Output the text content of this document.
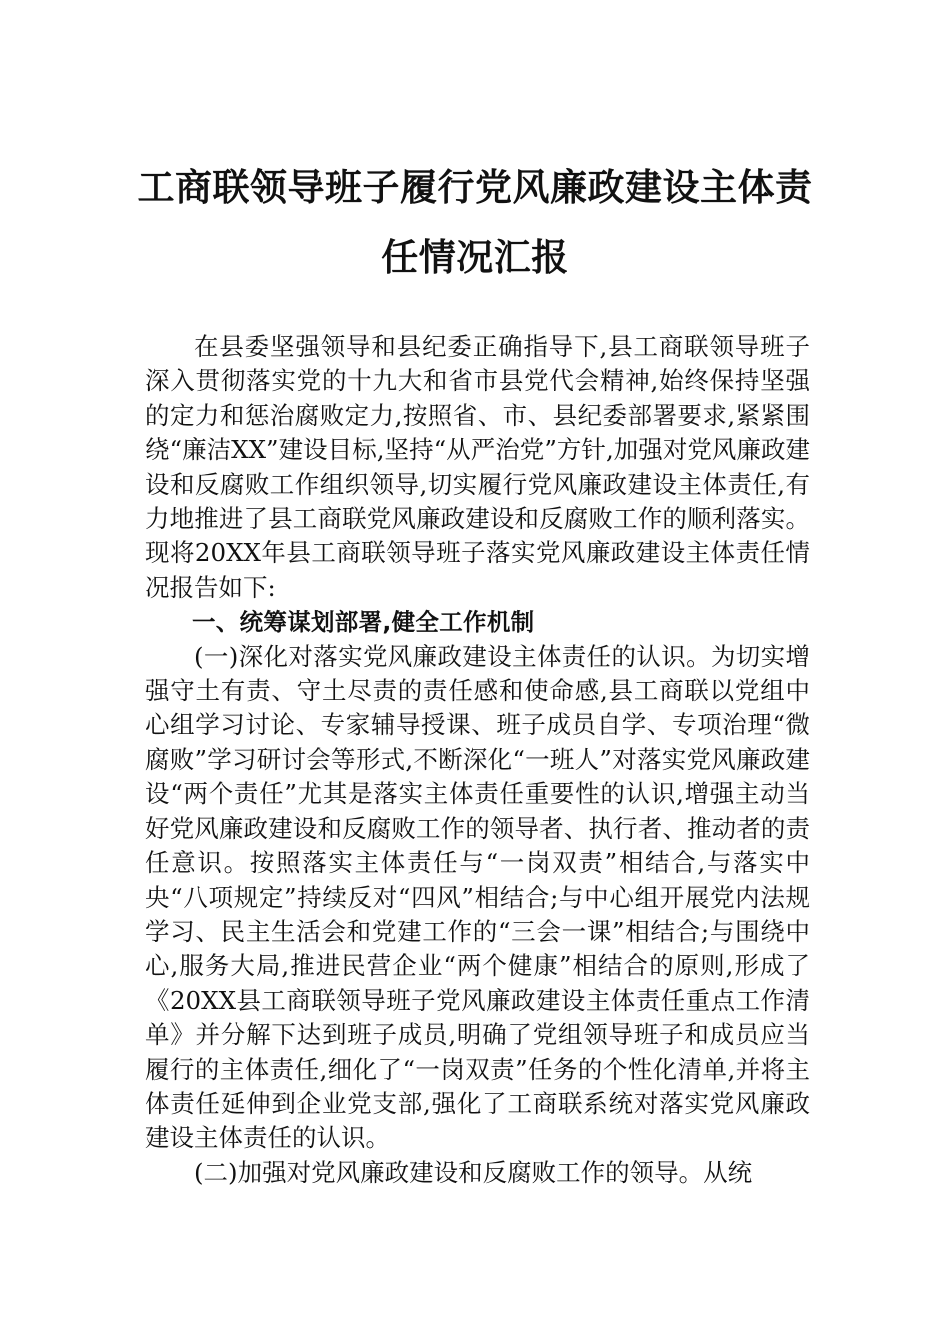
工商联领导班子履行党风廉政建设主体责
任情况汇报

在县委坚强领导和县纪委正确指导下,县工商联领导班子深入贯彻落实党的十九大和省市县党代会精神,始终保持坚强的定力和惩治腐败定力,按照省、市、县纪委部署要求,紧紧围绕“廉洁XX”建设目标,坚持“从严治党”方针,加强对党风廉政建设和反腐败工作组织领导,切实履行党风廉政建设主体责任,有力地推进了县工商联党风廉政建设和反腐败工作的顺利落实。现将20XX年县工商联领导班子落实党风廉政建设主体责任情况报告如下:

一、统筹谋划部署,健全工作机制

(一)深化对落实党风廉政建设主体责任的认识。为切实增强守土有责、守土尽责的责任感和使命感,县工商联以党组中心组学习讨论、专家辅导授课、班子成员自学、专项治理“微腐败”学习研讨会等形式,不断深化“一班人”对落实党风廉政建设“两个责任”尤其是落实主体责任重要性的认识,增强主动当好党风廉政建设和反腐败工作的领导者、执行者、推动者的责任意识。按照落实主体责任与“一岗双责”相结合,与落实中央“八项规定”持续反对“四风”相结合;与中心组开展党内法规学习、民主生活会和党建工作的“三会一课”相结合;与围绕中心,服务大局,推进民营企业“两个健康”相结合的原则,形成了《20XX县工商联领导班子党风廉政建设主体责任重点工作清单》并分解下达到班子成员,明确了党组领导班子和成员应当履行的主体责任,细化了“一岗双责”任务的个性化清单,并将主体责任延伸到企业党支部,强化了工商联系统对落实党风廉政建设主体责任的认识。

(二)加强对党风廉政建设和反腐败工作的领导。从统
